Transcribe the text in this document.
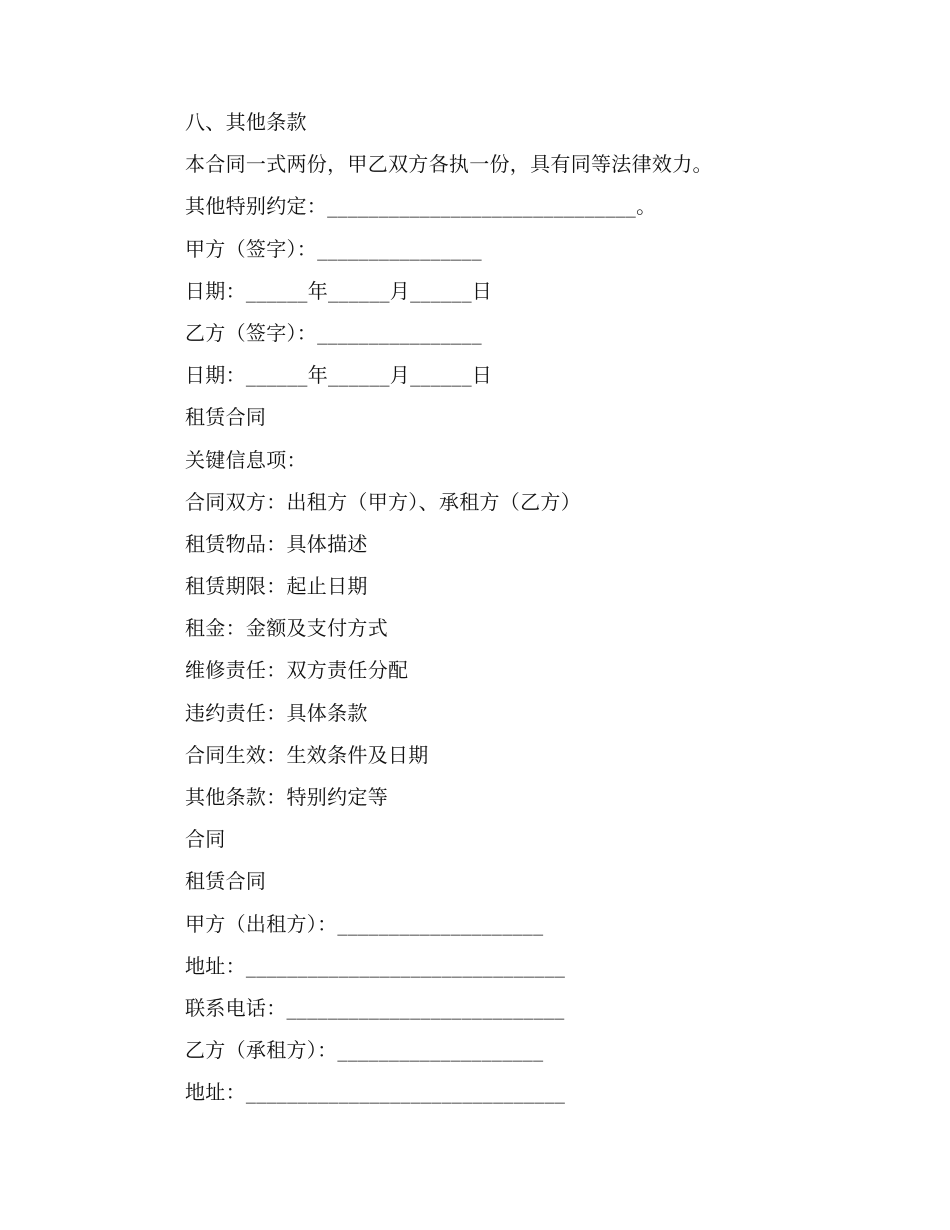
八、其他条款
本合同一式两份，甲乙双方各执一份，具有同等法律效力。
其他特别约定：______________________________。
甲方（签字）：________________
日期：______年______月______日
乙方（签字）：________________
日期：______年______月______日
租赁合同
关键信息项：
合同双方：出租方（甲方）、承租方（乙方）
租赁物品：具体描述
租赁期限：起止日期
租金：金额及支付方式
维修责任：双方责任分配
违约责任：具体条款
合同生效：生效条件及日期
其他条款：特别约定等
合同
租赁合同
甲方（出租方）：____________________
地址：_______________________________
联系电话：___________________________
乙方（承租方）：____________________
地址：_______________________________
